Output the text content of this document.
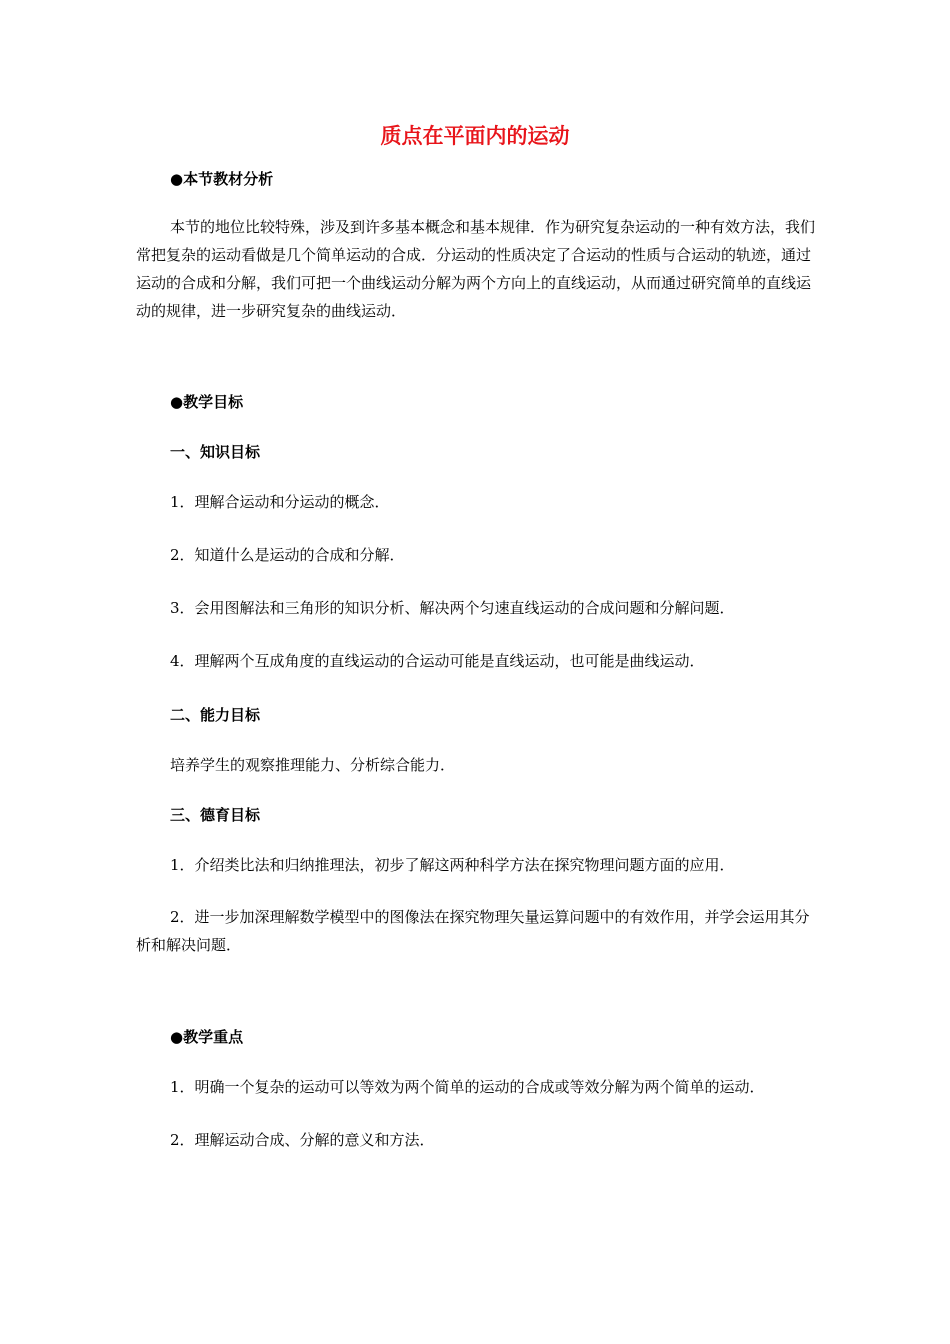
质点在平面内的运动
●本节教材分析
本节的地位比较特殊，涉及到许多基本概念和基本规律．作为研究复杂运动的一种有效方法，我们常把复杂的运动看做是几个简单运动的合成．分运动的性质决定了合运动的性质与合运动的轨迹，通过运动的合成和分解，我们可把一个曲线运动分解为两个方向上的直线运动，从而通过研究简单的直线运动的规律，进一步研究复杂的曲线运动．
●教学目标
一、知识目标
1．理解合运动和分运动的概念．
2．知道什么是运动的合成和分解．
3．会用图解法和三角形的知识分析、解决两个匀速直线运动的合成问题和分解问题．
4．理解两个互成角度的直线运动的合运动可能是直线运动，也可能是曲线运动．
二、能力目标
培养学生的观察推理能力、分析综合能力．
三、德育目标
1．介绍类比法和归纳推理法，初步了解这两种科学方法在探究物理问题方面的应用．
2．进一步加深理解数学模型中的图像法在探究物理矢量运算问题中的有效作用，并学会运用其分析和解决问题．
●教学重点
1．明确一个复杂的运动可以等效为两个简单的运动的合成或等效分解为两个简单的运动．
2．理解运动合成、分解的意义和方法．
